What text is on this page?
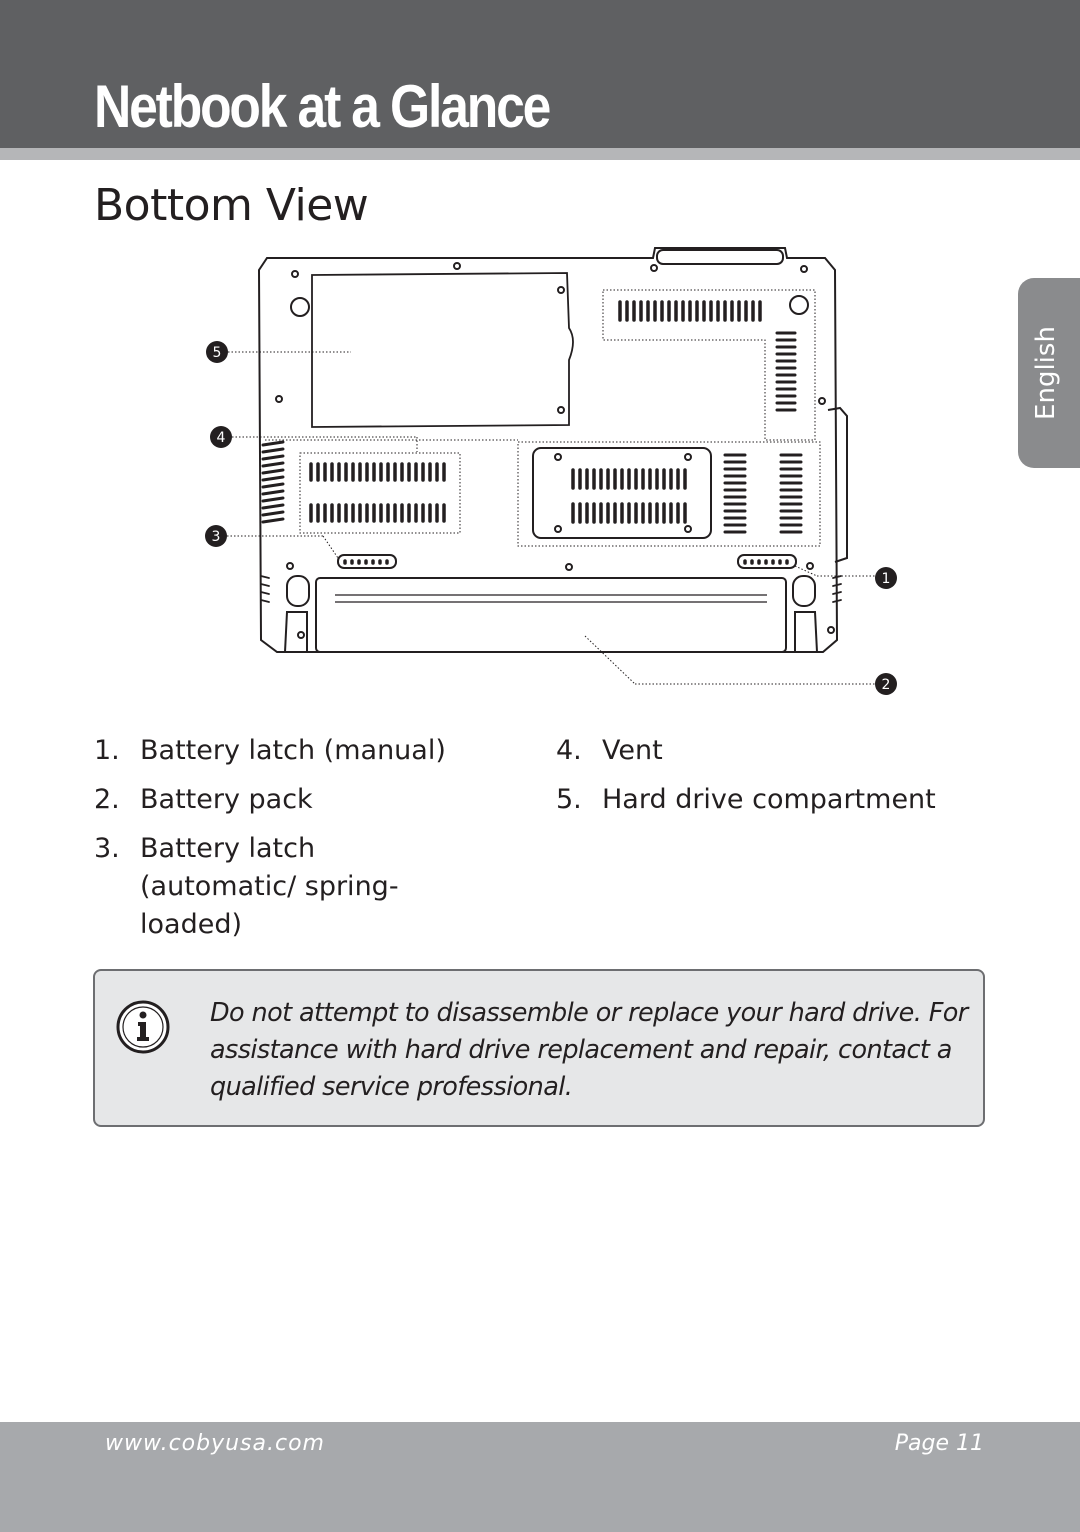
Netbook at a Glance
Bottom View
English
5
4
3
1
2
1. Battery latch (manual)
2. Battery pack
3. Battery latch (automatic/ spring-loaded)
4. Vent
5. Hard drive compartment

Do not attempt to disassemble or replace your hard drive. For assistance with hard drive replacement and repair, contact a qualified service professional.

www.cobyusa.com	Page 11
